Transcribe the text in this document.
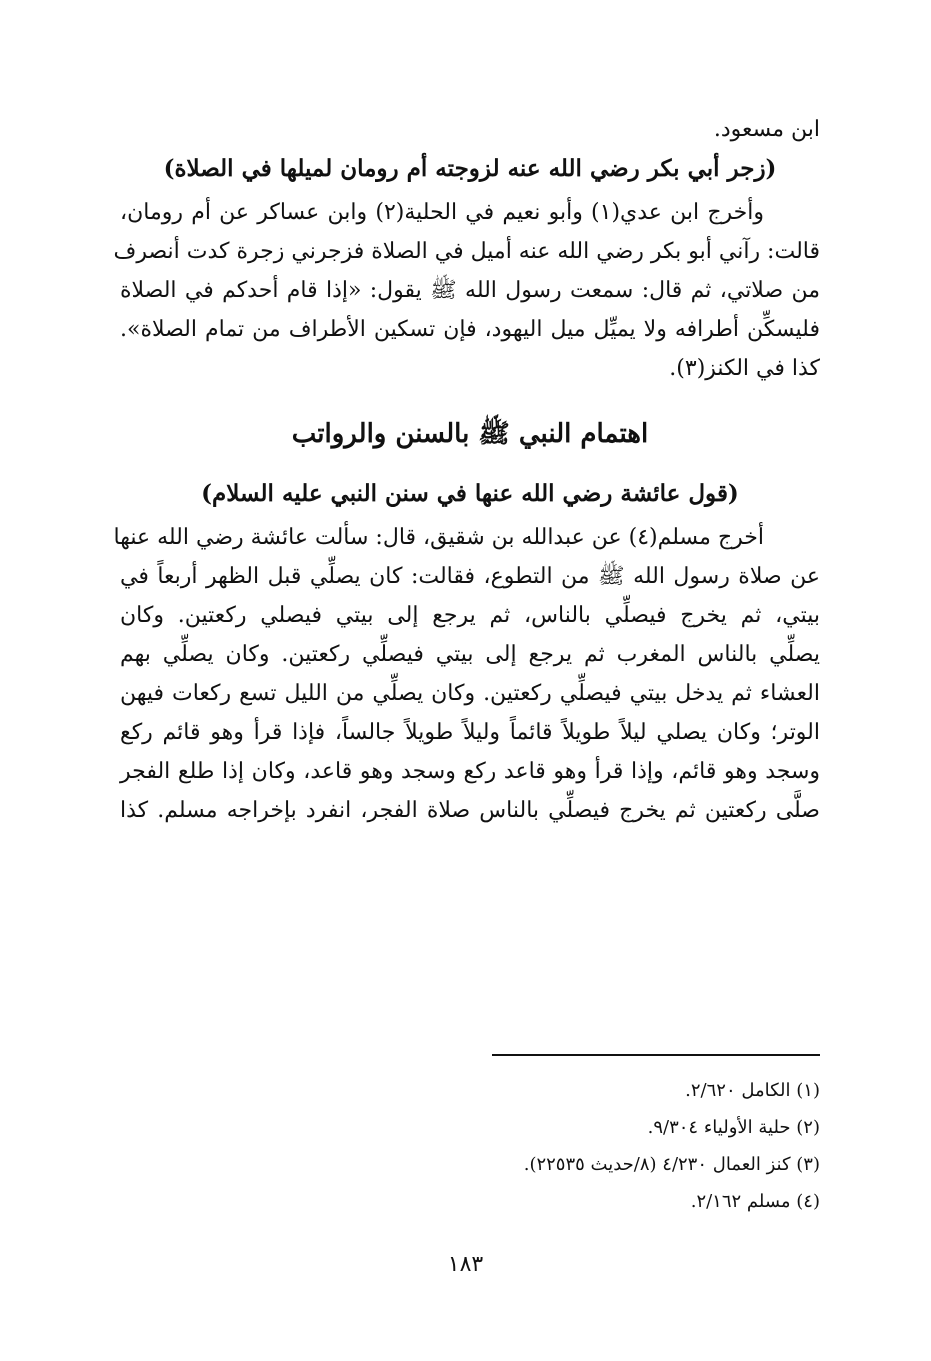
ابن مسعود.

(زجر أبي بكر رضي الله عنه لزوجته أم رومان لميلها في الصلاة)

وأخرج ابن عدي(١) وأبو نعيم في الحلية(٢) وابن عساكر عن أم رومان،

قالت: رآني أبو بكر رضي الله عنه أميل في الصلاة فزجرني زجرة كدت أنصرف

من صلاتي، ثم قال: سمعت رسول الله ﷺ يقول: «إذا قام أحدكم في الصلاة

فليسكِّن أطرافه ولا يميِّل ميل اليهود، فإن تسكين الأطراف من تمام الصلاة».

كذا في الكنز(٣).

اهتمام النبي ﷺ بالسنن والرواتب

(قول عائشة رضي الله عنها في سنن النبي عليه السلام)

أخرج مسلم(٤) عن عبدالله بن شقيق، قال: سألت عائشة رضي الله عنها

عن صلاة رسول الله ﷺ من التطوع، فقالت: كان يصلِّي قبل الظهر أربعاً في

بيتي، ثم يخرج فيصلِّي بالناس، ثم يرجع إلى بيتي فيصلي ركعتين. وكان

يصلِّي بالناس المغرب ثم يرجع إلى بيتي فيصلِّي ركعتين. وكان يصلِّي بهم

العشاء ثم يدخل بيتي فيصلِّي ركعتين. وكان يصلِّي من الليل تسع ركعات فيهن

الوتر؛ وكان يصلي ليلاً طويلاً قائماً وليلاً طويلاً جالساً، فإذا قرأ وهو قائم ركع

وسجد وهو قائم، وإذا قرأ وهو قاعد ركع وسجد وهو قاعد، وكان إذا طلع الفجر

صلَّى ركعتين ثم يخرج فيصلِّي بالناس صلاة الفجر، انفرد بإخراجه مسلم. كذا

(١) الكامل ٢/٦٢٠.

(٢) حلية الأولياء ٩/٣٠٤.

(٣) كنز العمال ٤/٢٣٠ (٨/حديث ٢٢٥٣٥).

(٤) مسلم ٢/١٦٢.

١٨٣
